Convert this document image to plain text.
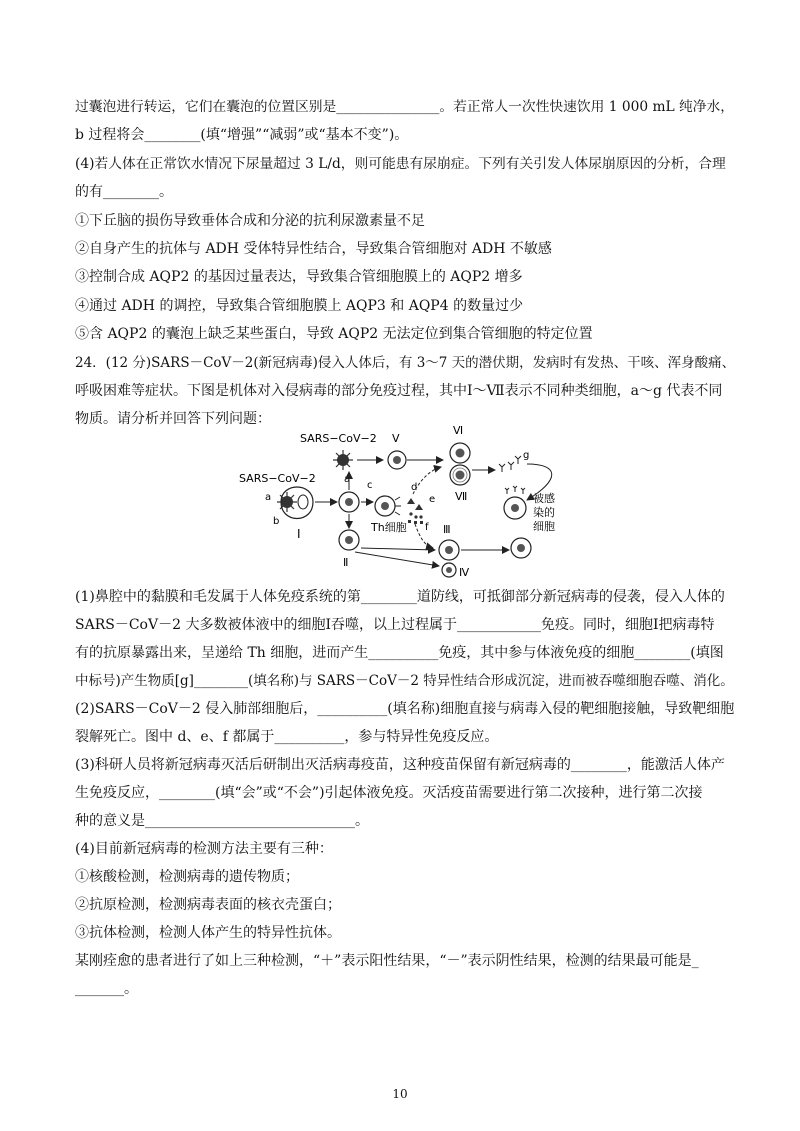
过囊泡进行转运，它们在囊泡的位置区别是_______________。若正常人一次性快速饮用 1 000 mL 纯净水，
b 过程将会________(填“增强”“减弱”或“基本不变”)。
(4)若人体在正常饮水情况下尿量超过 3 L/d，则可能患有尿崩症。下列有关引发人体尿崩原因的分析，合理
的有________。
①下丘脑的损伤导致垂体合成和分泌的抗利尿激素量不足
②自身产生的抗体与 ADH 受体特异性结合，导致集合管细胞对 ADH 不敏感
③控制合成 AQP2 的基因过量表达，导致集合管细胞膜上的 AQP2 增多
④通过 ADH 的调控，导致集合管细胞膜上 AQP3 和 AQP4 的数量过少
⑤含 AQP2 的囊泡上缺乏某些蛋白，导致 AQP2 无法定位到集合管细胞的特定位置
24．(12 分)SARS－CoV－2(新冠病毒)侵入人体后，有 3～7 天的潜伏期，发病时有发热、干咳、浑身酸痛、
呼吸困难等症状。下图是机体对入侵病毒的部分免疫过程，其中Ⅰ～Ⅶ表示不同种类细胞，a～g 代表不同
物质。请分析并回答下列问题：
SARS−CoV−2 V
Ⅵ
Ⅶ
g
SARS−CoV−2
a
b
Ⅰ
a
c
Th细胞
d
e
f
Ⅱ
Ⅲ
Ⅳ
被感
染的
细胞
(1)鼻腔中的黏膜和毛发属于人体免疫系统的第________道防线，可抵御部分新冠病毒的侵袭，侵入人体的
SARS－CoV－2 大多数被体液中的细胞Ⅰ吞噬，以上过程属于____________免疫。同时，细胞Ⅰ把病毒特
有的抗原暴露出来，呈递给 Th 细胞，进而产生__________免疫，其中参与体液免疫的细胞________(填图
中标号)产生物质[g]________(填名称)与 SARS－CoV－2 特异性结合形成沉淀，进而被吞噬细胞吞噬、消化。
(2)SARS－CoV－2 侵入肺部细胞后，__________(填名称)细胞直接与病毒入侵的靶细胞接触，导致靶细胞
裂解死亡。图中 d、e、f 都属于__________，参与特异性免疫反应。
(3)科研人员将新冠病毒灭活后研制出灭活病毒疫苗，这种疫苗保留有新冠病毒的________，能激活人体产
生免疫反应，________(填“会”或“不会”)引起体液免疫。灭活疫苗需要进行第二次接种，进行第二次接
种的意义是______________________________。
(4)目前新冠病毒的检测方法主要有三种：
①核酸检测，检测病毒的遗传物质；
②抗原检测，检测病毒表面的核衣壳蛋白；
③抗体检测，检测人体产生的特异性抗体。
某刚痊愈的患者进行了如上三种检测，“＋”表示阳性结果，“－”表示阴性结果，检测的结果最可能是_
_______。
10
